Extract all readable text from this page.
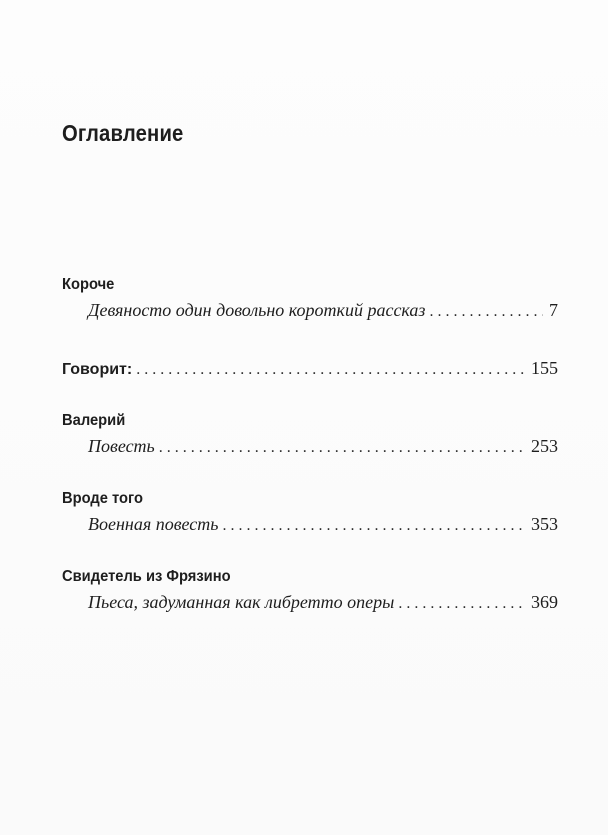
Оглавление
Короче
Девяносто один довольно короткий рассказ . . .	7
Говорит: . . .	155
Валерий
Повесть . . .	253
Вроде того
Военная повесть . . .	353
Свидетель из Фрязино
Пьеса, задуманная как либретто оперы . . .	369
